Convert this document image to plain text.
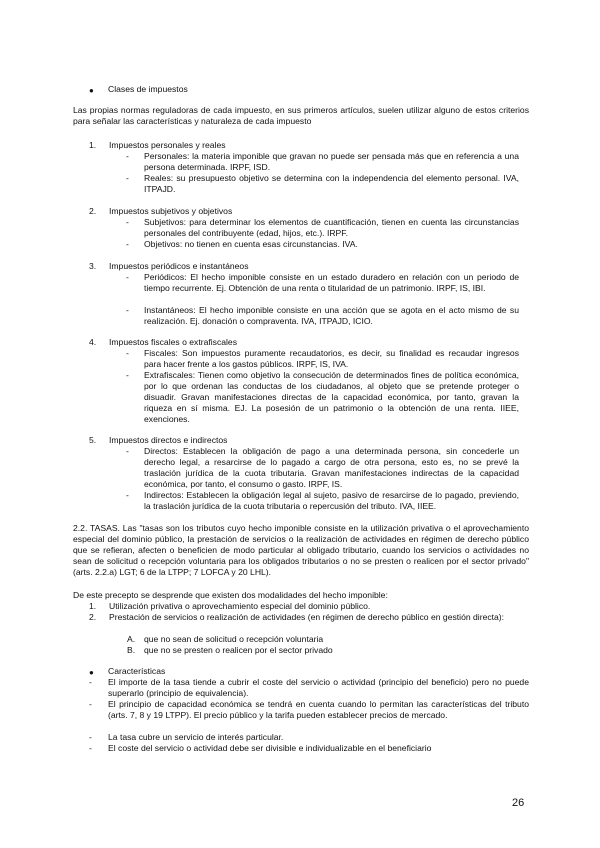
● Clases de impuestos

Las propias normas reguladoras de cada impuesto, en sus primeros artículos, suelen utilizar alguno de estos criterios para señalar las características y naturaleza de cada impuesto

1. Impuestos personales y reales
- Personales: la materia imponible que gravan no puede ser pensada más que en referencia a una persona determinada. IRPF, ISD.

- Reales: su presupuesto objetivo se determina con la independencia del elemento personal. IVA, ITPAJD.

2. Impuestos subjetivos y objetivos
- Subjetivos: para determinar los elementos de cuantificación, tienen en cuenta las circunstancias personales del contribuyente (edad, hijos, etc.). IRPF.

- Objetivos: no tienen en cuenta esas circunstancias. IVA.

3. Impuestos periódicos e instantáneos
- Periódicos: El hecho imponible consiste en un estado duradero en relación con un periodo de tiempo recurrente. Ej. Obtención de una renta o titularidad de un patrimonio. IRPF, IS, IBI.

- Instantáneos: El hecho imponible consiste en una acción que se agota en el acto mismo de su realización. Ej. donación o compraventa. IVA, ITPAJD, ICIO.

4. Impuestos fiscales o extrafiscales
- Fiscales: Son impuestos puramente recaudatorios, es decir, su finalidad es recaudar ingresos para hacer frente a los gastos públicos. IRPF, IS, IVA.

- Extrafiscales: Tienen como objetivo la consecución de determinados fines de política económica, por lo que ordenan las conductas de los ciudadanos, al objeto que se pretende proteger o disuadir. Gravan manifestaciones directas de la capacidad económica, por tanto, gravan la riqueza en sí misma. EJ. La posesión de un patrimonio o la obtención de una renta. IIEE, exenciones.

5. Impuestos directos e indirectos
- Directos: Establecen la obligación de pago a una determinada persona, sin concederle un derecho legal, a resarcirse de lo pagado a cargo de otra persona, esto es, no se prevé la traslación jurídica de la cuota tributaria. Gravan manifestaciones indirectas de la capacidad económica, por tanto, el consumo o gasto. IRPF, IS.

- Indirectos: Establecen la obligación legal al sujeto, pasivo de resarcirse de lo pagado, previendo, la traslación jurídica de la cuota tributaria o repercusión del tributo. IVA, IIEE.

2.2. TASAS. Las "tasas son los tributos cuyo hecho imponible consiste en la utilización privativa o el aprovechamiento especial del dominio público, la prestación de servicios o la realización de actividades en régimen de derecho público que se refieran, afecten o beneficien de modo particular al obligado tributario, cuando los servicios o actividades no sean de solicitud o recepción voluntaria para los obligados tributarios o no se presten o realicen por el sector privado" (arts. 2.2.a) LGT; 6 de la LTPP; 7 LOFCA y 20 LHL).

De este precepto se desprende que existen dos modalidades del hecho imponible:

1. Utilización privativa o aprovechamiento especial del dominio público.

2. Prestación de servicios o realización de actividades (en régimen de derecho público en gestión directa):

A. que no sean de solicitud o recepción voluntaria
B. que no se presten o realicen por el sector privado
● Características
- El importe de la tasa tiende a cubrir el coste del servicio o actividad (principio del beneficio) pero no puede superarlo (principio de equivalencia).

- El principio de capacidad económica se tendrá en cuenta cuando lo permitan las características del tributo (arts. 7, 8 y 19 LTPP). El precio público y la tarifa pueden establecer precios de mercado.

- La tasa cubre un servicio de interés particular.

- El coste del servicio o actividad debe ser divisible e individualizable en el beneficiario

26
